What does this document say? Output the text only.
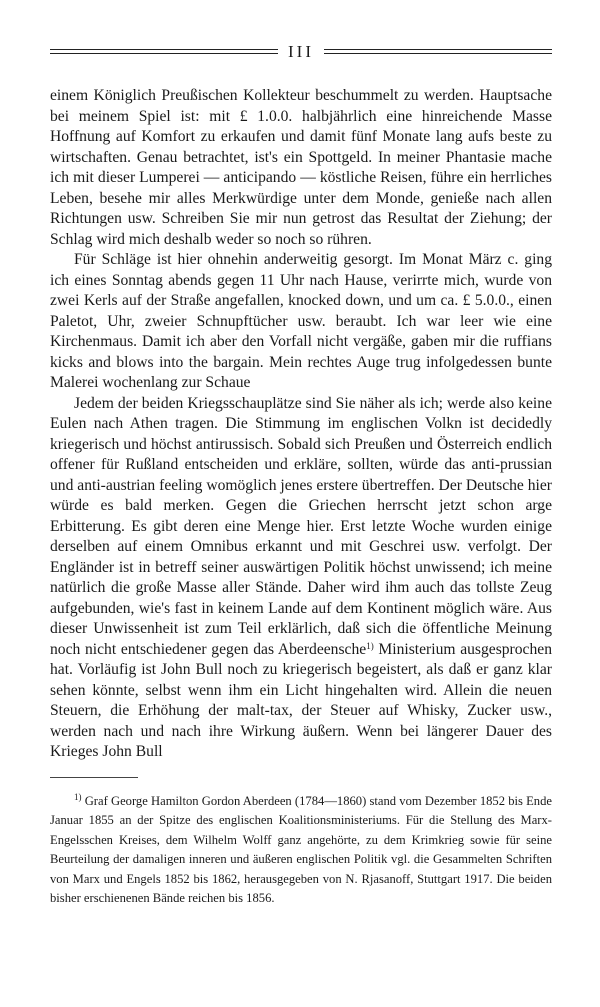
III

einem Königlich Preußischen Kollekteur beschummelt zu werden. Hauptsache bei meinem Spiel ist: mit £ 1.0.0. halbjährlich eine hinreichende Masse Hoffnung auf Komfort zu erkaufen und damit fünf Monate lang aufs beste zu wirtschaften. Genau betrachtet, ist's ein Spottgeld. In meiner Phantasie mache ich mit dieser Lumperei — anticipando — köstliche Reisen, führe ein herrliches Leben, besehe mir alles Merkwürdige unter dem Monde, genieße nach allen Richtungen usw. Schreiben Sie mir nun getrost das Resultat der Ziehung; der Schlag wird mich deshalb weder so noch so rühren.

Für Schläge ist hier ohnehin anderweitig gesorgt. Im Monat März c. ging ich eines Sonntag abends gegen 11 Uhr nach Hause, verirrte mich, wurde von zwei Kerls auf der Straße angefallen, knocked down, und um ca. £ 5.0.0., einen Paletot, Uhr, zweier Schnupftücher usw. beraubt. Ich war leer wie eine Kirchenmaus. Damit ich aber den Vorfall nicht vergäße, gaben mir die ruffians kicks and blows into the bargain. Mein rechtes Auge trug infolgedessen bunte Malerei wochenlang zur Schaue

Jedem der beiden Kriegsschauplätze sind Sie näher als ich; werde also keine Eulen nach Athen tragen. Die Stimmung im englischen Volkn ist decidedly kriegerisch und höchst antirussisch. Sobald sich Preußen und Österreich endlich offener für Rußland entscheiden und erkläre, sollten, würde das anti-prussian und anti-austrian feeling womöglich jenes erstere übertreffen. Der Deutsche hier würde es bald merken. Gegen die Griechen herrscht jetzt schon arge Erbitterung. Es gibt deren eine Menge hier. Erst letzte Woche wurden einige derselben auf einem Omnibus erkannt und mit Geschrei usw. verfolgt. Der Engländer ist in betreff seiner auswärtigen Politik höchst unwissend; ich meine natürlich die große Masse aller Stände. Daher wird ihm auch das tollste Zeug aufgebunden, wie's fast in keinem Lande auf dem Kontinent möglich wäre. Aus dieser Unwissenheit ist zum Teil erklärlich, daß sich die öffentliche Meinung noch nicht entschiedener gegen das Aberdeensche$^{1)}$ Ministerium ausgesprochen hat. Vorläufig ist John Bull noch zu kriegerisch begeistert, als daß er ganz klar sehen könnte, selbst wenn ihm ein Licht hingehalten wird. Allein die neuen Steuern, die Erhöhung der malt-tax, der Steuer auf Whisky, Zucker usw., werden nach und nach ihre Wirkung äußern. Wenn bei längerer Dauer des Krieges John Bull

$^{1)}$ Graf George Hamilton Gordon Aberdeen (1784—1860) stand vom Dezember 1852 bis Ende Januar 1855 an der Spitze des englischen Koalitionsministeriums. Für die Stellung des Marx-Engelsschen Kreises, dem Wilhelm Wolff ganz angehörte, zu dem Krimkrieg sowie für seine Beurteilung der damaligen inneren und äußeren englischen Politik vgl. die Gesammelten Schriften von Marx und Engels 1852 bis 1862, herausgegeben von N. Rjasanoff, Stuttgart 1917. Die beiden bisher erschienenen Bände reichen bis 1856.
